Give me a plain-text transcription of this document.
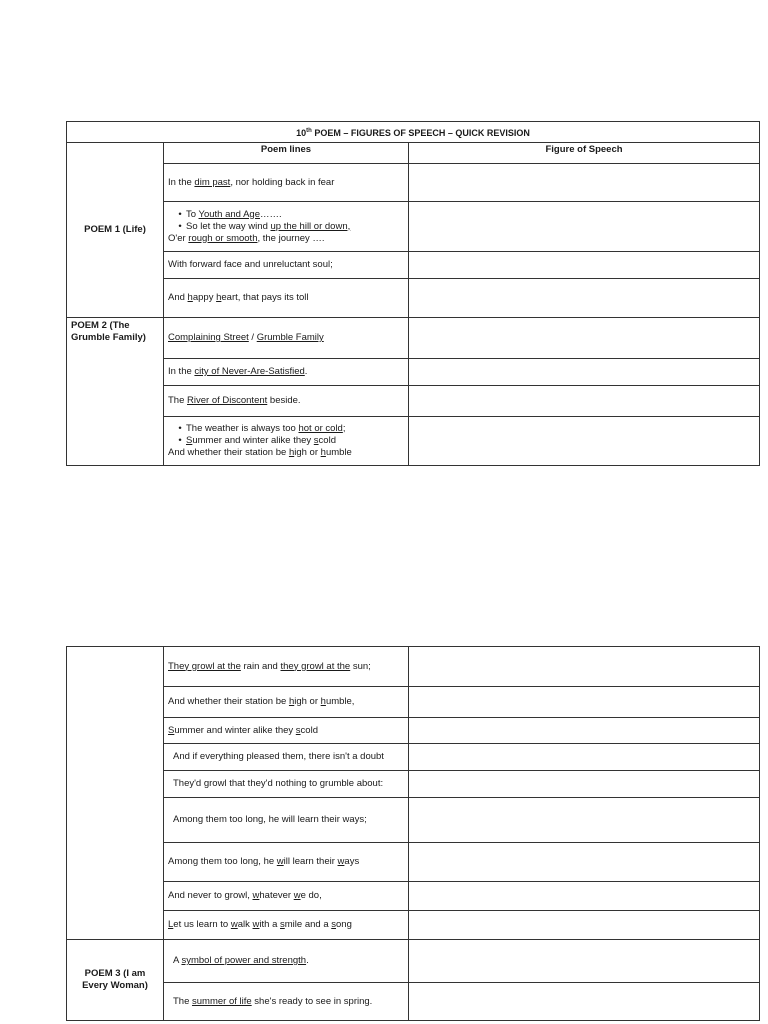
10th POEM – FIGURES OF SPEECH – QUICK REVISION		
POEM 1 (Life)	Poem lines	Figure of Speech
	In the dim past, nor holding back in fear	

	• To Youth and Age…….
• So let the way wind up the hill or down,
O'er rough or smooth, the journey ….

	With forward face and unreluctant soul;	
	And happy heart, that pays its toll	
POEM 2 (The Grumble Family)	Complaining Street / Grumble Family	
	In the city of Never-Are-Satisfied.	
	The River of Discontent beside.	

	• The weather is always too hot or cold;
• Summer and winter alike they scold
And whether their station be high or humble

	They growl at the rain and they growl at the sun;	
	And whether their station be high or humble,	
	Summer and winter alike they scold	
	And if everything pleased them, there isn't a doubt	
	They'd growl that they'd nothing to grumble about:	
	Among them too long, he will learn their ways;	
	Among them too long, he will learn their ways	
	And never to growl, whatever we do,	
	Let us learn to walk with a smile and a song	
POEM 3 (I am Every Woman)	A symbol of power and strength.	
	The summer of life she's ready to see in spring.	
